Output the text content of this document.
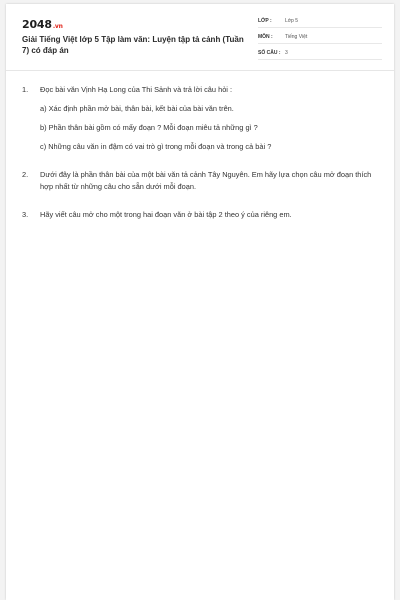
2048.vn
Giải Tiếng Việt lớp 5 Tập làm văn: Luyện tập tả cảnh (Tuần 7) có đáp án
LỚP :	Lớp 5
MÔN :	Tiếng Việt
SỐ CÂU : 3
1. Đọc bài văn Vịnh Hạ Long của Thi Sảnh và trả lời câu hỏi :
a) Xác định phần mở bài, thân bài, kết bài của bài văn trên.
b) Phần thân bài gồm có mấy đoạn ? Mỗi đoạn miêu tả những gì ?
c) Những câu văn in đậm có vai trò gì trong mỗi đoạn và trong cả bài ?
2. Dưới đây là phần thân bài của một bài văn tả cảnh Tây Nguyên. Em hãy lựa chọn câu mở đoạn thích hợp nhất từ những câu cho sẵn dưới mỗi đoạn.
3. Hãy viết câu mở cho một trong hai đoạn văn ở bài tập 2 theo ý của riêng em.
